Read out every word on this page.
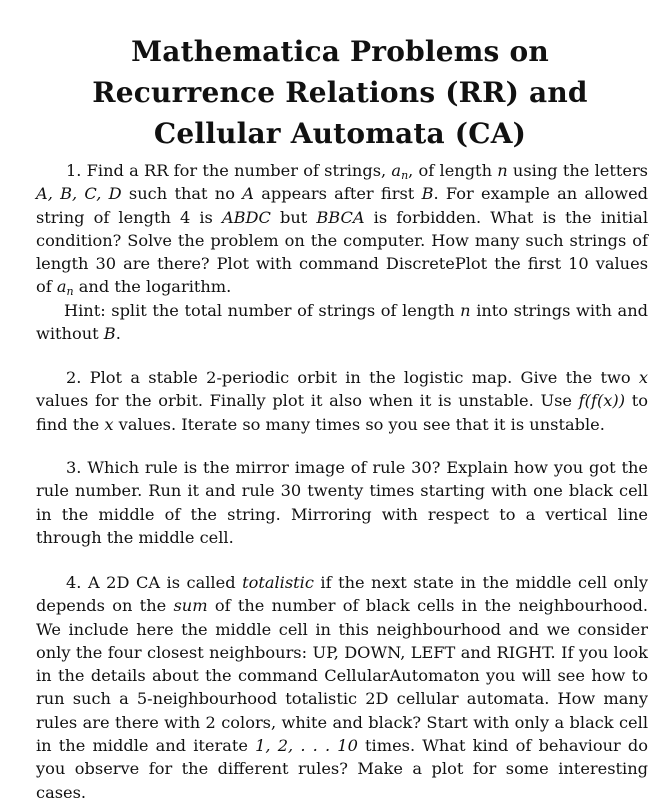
Mathematica Problems on Recurrence Relations (RR) and Cellular Automata (CA)

1. Find a RR for the number of strings, $a_n$, of length n using the letters A, B, C, D such that no A appears after first B. For example an allowed string of length 4 is ABDC but BBCA is forbidden. What is the initial condition? Solve the problem on the computer. How many such strings of length 30 are there? Plot with command DiscretePlot the first 10 values of $a_n$ and the logarithm.

Hint: split the total number of strings of length n into strings with and without B.

2. Plot a stable 2-periodic orbit in the logistic map. Give the two x values for the orbit. Finally plot it also when it is unstable. Use f(f(x)) to find the x values. Iterate so many times so you see that it is unstable.

3. Which rule is the mirror image of rule 30? Explain how you got the rule number. Run it and rule 30 twenty times starting with one black cell in the middle of the string. Mirroring with respect to a vertical line through the middle cell.

4. A 2D CA is called totalistic if the next state in the middle cell only depends on the sum of the number of black cells in the neighbourhood. We include here the middle cell in this neighbourhood and we consider only the four closest neighbours: UP, DOWN, LEFT and RIGHT. If you look in the details about the command CellularAutomaton you will see how to run such a 5-neighbourhood totalistic 2D cellular automata. How many rules are there with 2 colors, white and black? Start with only a black cell in the middle and iterate 1, 2, . . . 10 times. What kind of behaviour do you observe for the different rules? Make a plot for some interesting cases.
